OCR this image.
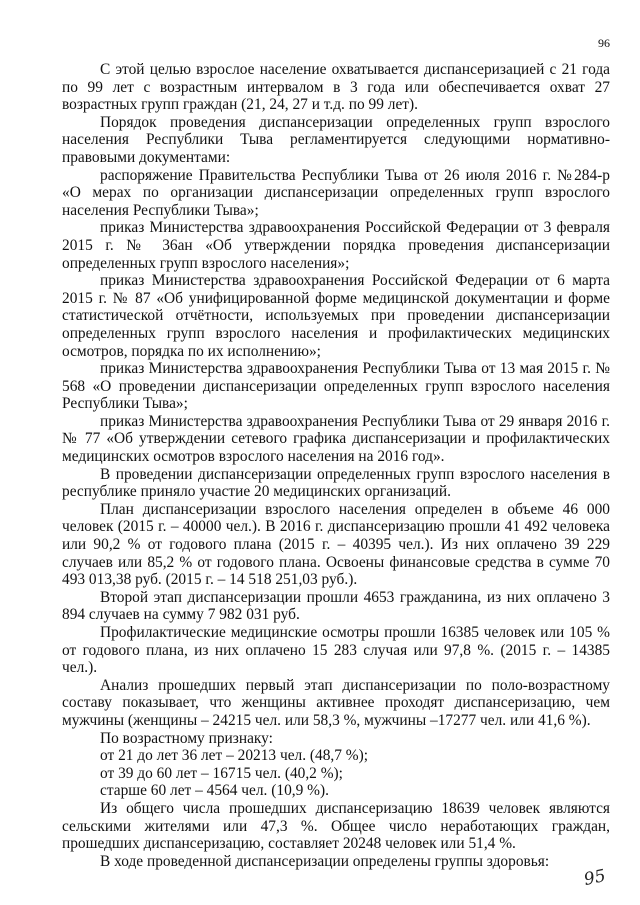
96

С этой целью взрослое население охватывается диспансеризацией с 21 года по 99 лет с возрастным интервалом в 3 года или обеспечивается охват 27 возрастных групп граждан (21, 24, 27 и т.д. по 99 лет).

Порядок проведения диспансеризации определенных групп взрослого населения Республики Тыва регламентируется следующими нормативно-правовыми документами:

распоряжение Правительства Республики Тыва от 26 июля 2016 г. №284-р «О мерах по организации диспансеризации определенных групп взрослого населения Республики Тыва»;

приказ Министерства здравоохранения Российской Федерации от 3 февраля 2015 г. № 36ан «Об утверждении порядка проведения диспансеризации определенных групп взрослого населения»;

приказ Министерства здравоохранения Российской Федерации от 6 марта 2015 г. № 87 «Об унифицированной форме медицинской документации и форме статистической отчётности, используемых при проведении диспансеризации определенных групп взрослого населения и профилактических медицинских осмотров, порядка по их исполнению»;

приказ Министерства здравоохранения Республики Тыва от 13 мая 2015 г. № 568 «О проведении диспансеризации определенных групп взрослого населения Республики Тыва»;

приказ Министерства здравоохранения Республики Тыва от 29 января 2016 г. № 77 «Об утверждении сетевого графика диспансеризации и профилактических медицинских осмотров взрослого населения на 2016 год».

В проведении диспансеризации определенных групп взрослого населения в республике приняло участие 20 медицинских организаций.

План диспансеризации взрослого населения определен в объеме 46 000 человек (2015 г. – 40000 чел.). В 2016 г. диспансеризацию прошли 41 492 человека или 90,2 % от годового плана (2015 г. – 40395 чел.). Из них оплачено 39 229 случаев или 85,2 % от годового плана. Освоены финансовые средства в сумме 70 493 013,38 руб. (2015 г. – 14 518 251,03 руб.).

Второй этап диспансеризации прошли 4653 гражданина, из них оплачено 3 894 случаев на сумму 7 982 031 руб.

Профилактические медицинские осмотры прошли 16385 человек или 105 % от годового плана, из них оплачено 15 283 случая или 97,8 %. (2015 г. – 14385 чел.).

Анализ прошедших первый этап диспансеризации по поло-возрастному составу показывает, что женщины активнее проходят диспансеризацию, чем мужчины (женщины – 24215 чел. или 58,3 %, мужчины –17277 чел. или 41,6 %).

По возрастному признаку:

от 21 до лет 36 лет – 20213 чел. (48,7 %);

от 39 до 60 лет – 16715 чел. (40,2 %);

старше 60 лет – 4564 чел. (10,9 %).

Из общего числа прошедших диспансеризацию 18639 человек являются сельскими жителями или 47,3 %. Общее число неработающих граждан, прошедших диспансеризацию, составляет 20248 человек или 51,4 %.

В ходе проведенной диспансеризации определены группы здоровья:

95
